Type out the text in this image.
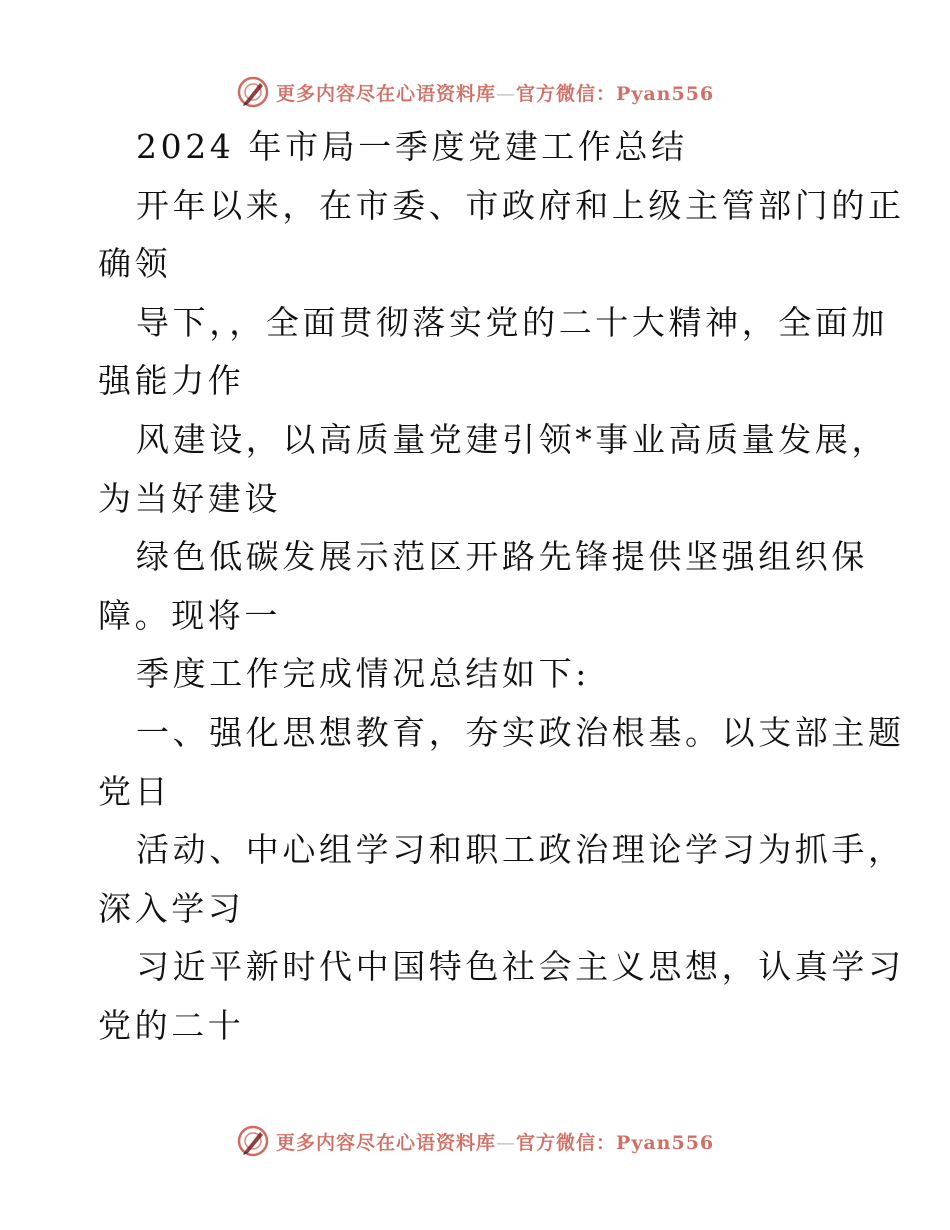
更多内容尽在心语资料库—官方微信：Pyan556
2024 年市局一季度党建工作总结
开年以来，在市委、市政府和上级主管部门的正
确领
导下，，全面贯彻落实党的二十大精神，全面加
强能力作
风建设，以高质量党建引领*事业高质量发展，
为当好建设
绿色低碳发展示范区开路先锋提供坚强组织保
障。现将一
季度工作完成情况总结如下:
一、强化思想教育，夯实政治根基。以支部主题
党日
活动、中心组学习和职工政治理论学习为抓手，
深入学习
习近平新时代中国特色社会主义思想，认真学习
党的二十
更多内容尽在心语资料库—官方微信：Pyan556
